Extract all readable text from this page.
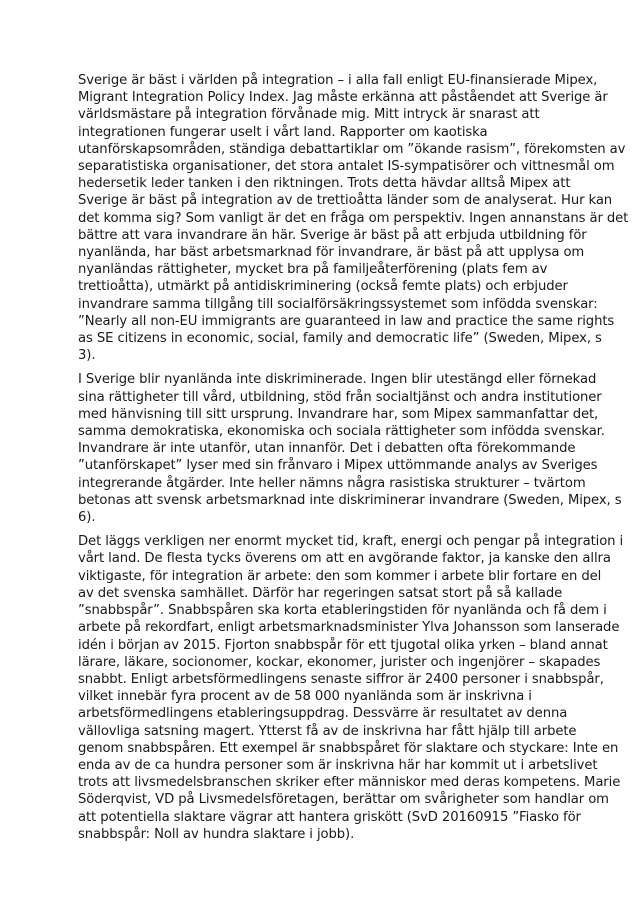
Sverige är bäst i världen på integration – i alla fall enligt EU-finansierade Mipex,
Migrant Integration Policy Index. Jag måste erkänna att påståendet att Sverige är
världsmästare på integration förvånade mig. Mitt intryck är snarast att
integrationen fungerar uselt i vårt land. Rapporter om kaotiska
utanförskapsområden, ständiga debattartiklar om ”ökande rasism”, förekomsten av
separatistiska organisationer, det stora antalet IS-sympatisörer och vittnesmål om
hedersetik leder tanken i den riktningen. Trots detta hävdar alltså Mipex att
Sverige är bäst på integration av de trettioåtta länder som de analyserat. Hur kan
det komma sig? Som vanligt är det en fråga om perspektiv. Ingen annanstans är det
bättre att vara invandrare än här. Sverige är bäst på att erbjuda utbildning för
nyanlända, har bäst arbetsmarknad för invandrare, är bäst på att upplysa om
nyanländas rättigheter, mycket bra på familjeåterförening (plats fem av
trettioåtta), utmärkt på antidiskriminering (också femte plats) och erbjuder
invandrare samma tillgång till socialförsäkringssystemet som infödda svenskar:
”Nearly all non-EU immigrants are guaranteed in law and practice the same rights
as SE citizens in economic, social, family and democratic life” (Sweden, Mipex, s
3).

I Sverige blir nyanlända inte diskriminerade. Ingen blir utestängd eller förnekad
sina rättigheter till vård, utbildning, stöd från socialtjänst och andra institutioner
med hänvisning till sitt ursprung. Invandrare har, som Mipex sammanfattar det,
samma demokratiska, ekonomiska och sociala rättigheter som infödda svenskar.
Invandrare är inte utanför, utan innanför. Det i debatten ofta förekommande
”utanförskapet” lyser med sin frånvaro i Mipex uttömmande analys av Sveriges
integrerande åtgärder. Inte heller nämns några rasistiska strukturer – tvärtom
betonas att svensk arbetsmarknad inte diskriminerar invandrare (Sweden, Mipex, s
6).

Det läggs verkligen ner enormt mycket tid, kraft, energi och pengar på integration i
vårt land. De flesta tycks överens om att en avgörande faktor, ja kanske den allra
viktigaste, för integration är arbete: den som kommer i arbete blir fortare en del
av det svenska samhället. Därför har regeringen satsat stort på så kallade
”snabbspår”. Snabbspåren ska korta etableringstiden för nyanlända och få dem i
arbete på rekordfart, enligt arbetsmarknadsminister Ylva Johansson som lanserade
idén i början av 2015. Fjorton snabbspår för ett tjugotal olika yrken – bland annat
lärare, läkare, socionomer, kockar, ekonomer, jurister och ingenjörer – skapades
snabbt. Enligt arbetsförmedlingens senaste siffror är 2400 personer i snabbspår,
vilket innebär fyra procent av de 58 000 nyanlända som är inskrivna i
arbetsförmedlingens etableringsuppdrag. Dessvärre är resultatet av denna
vällovliga satsning magert. Ytterst få av de inskrivna har fått hjälp till arbete
genom snabbspåren. Ett exempel är snabbspåret för slaktare och styckare: Inte en
enda av de ca hundra personer som är inskrivna här har kommit ut i arbetslivet
trots att livsmedelsbranschen skriker efter människor med deras kompetens. Marie
Söderqvist, VD på Livsmedelsföretagen, berättar om svårigheter som handlar om
att potentiella slaktare vägrar att hantera griskött (SvD 20160915 ”Fiasko för
snabbspår: Noll av hundra slaktare i jobb).
